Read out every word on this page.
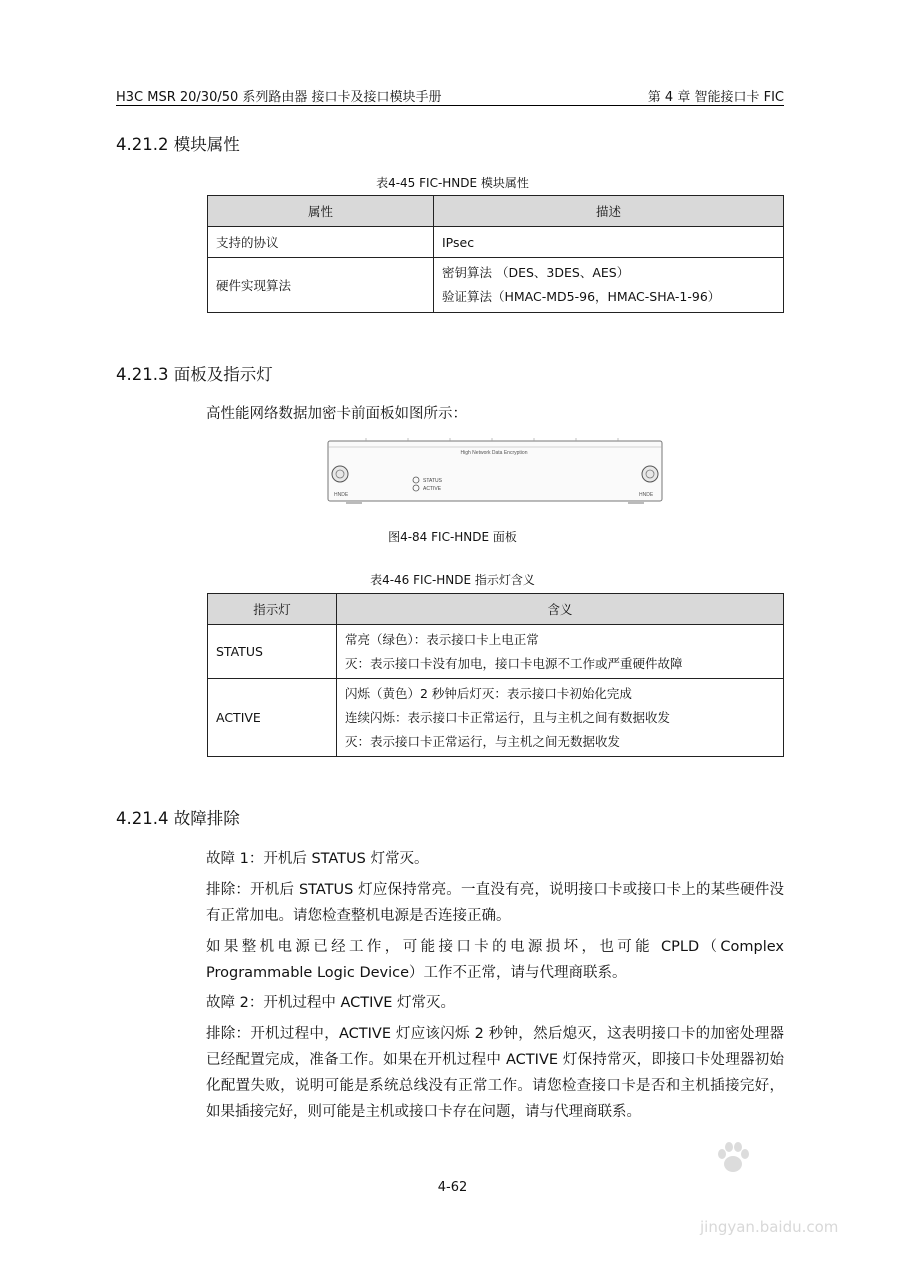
H3C MSR 20/30/50 系列路由器 接口卡及接口模块手册	第 4 章 智能接口卡 FIC
4.21.2 模块属性
表4-45 FIC-HNDE 模块属性
属性	描述
支持的协议	IPsec
硬件实现算法	密钥算法 （DES、3DES、AES）
验证算法（HMAC-MD5-96，HMAC-SHA-1-96）
4.21.3 面板及指示灯
高性能网络数据加密卡前面板如图所示：
High Network Data Encryption
STATUS
ACTIVE
HNDE	HNDE
图4-84 FIC-HNDE 面板
表4-46 FIC-HNDE 指示灯含义
指示灯	含义
STATUS	常亮（绿色）：表示接口卡上电正常
灭：表示接口卡没有加电，接口卡电源不工作或严重硬件故障

ACTIVE	闪烁（黄色）2 秒钟后灯灭：表示接口卡初始化完成
连续闪烁：表示接口卡正常运行，且与主机之间有数据收发
灭：表示接口卡正常运行，与主机之间无数据收发
4.21.4 故障排除
故障 1：开机后 STATUS 灯常灭。
排除：开机后 STATUS 灯应保持常亮。一直没有亮，说明接口卡或接口卡上的某些硬件没有正常加电。请您检查整机电源是否连接正确。
如果整机电源已经工作，可能接口卡的电源损坏，也可能 CPLD（Complex Programmable Logic Device）工作不正常，请与代理商联系。
故障 2：开机过程中 ACTIVE 灯常灭。
排除：开机过程中，ACTIVE 灯应该闪烁 2 秒钟，然后熄灭，这表明接口卡的加密处理器已经配置完成，准备工作。如果在开机过程中 ACTIVE 灯保持常灭，即接口卡处理器初始化配置失败，说明可能是系统总线没有正常工作。请您检查接口卡是否和主机插接完好，如果插接完好，则可能是主机或接口卡存在问题，请与代理商联系。
4-62
jingyan.baidu.com
